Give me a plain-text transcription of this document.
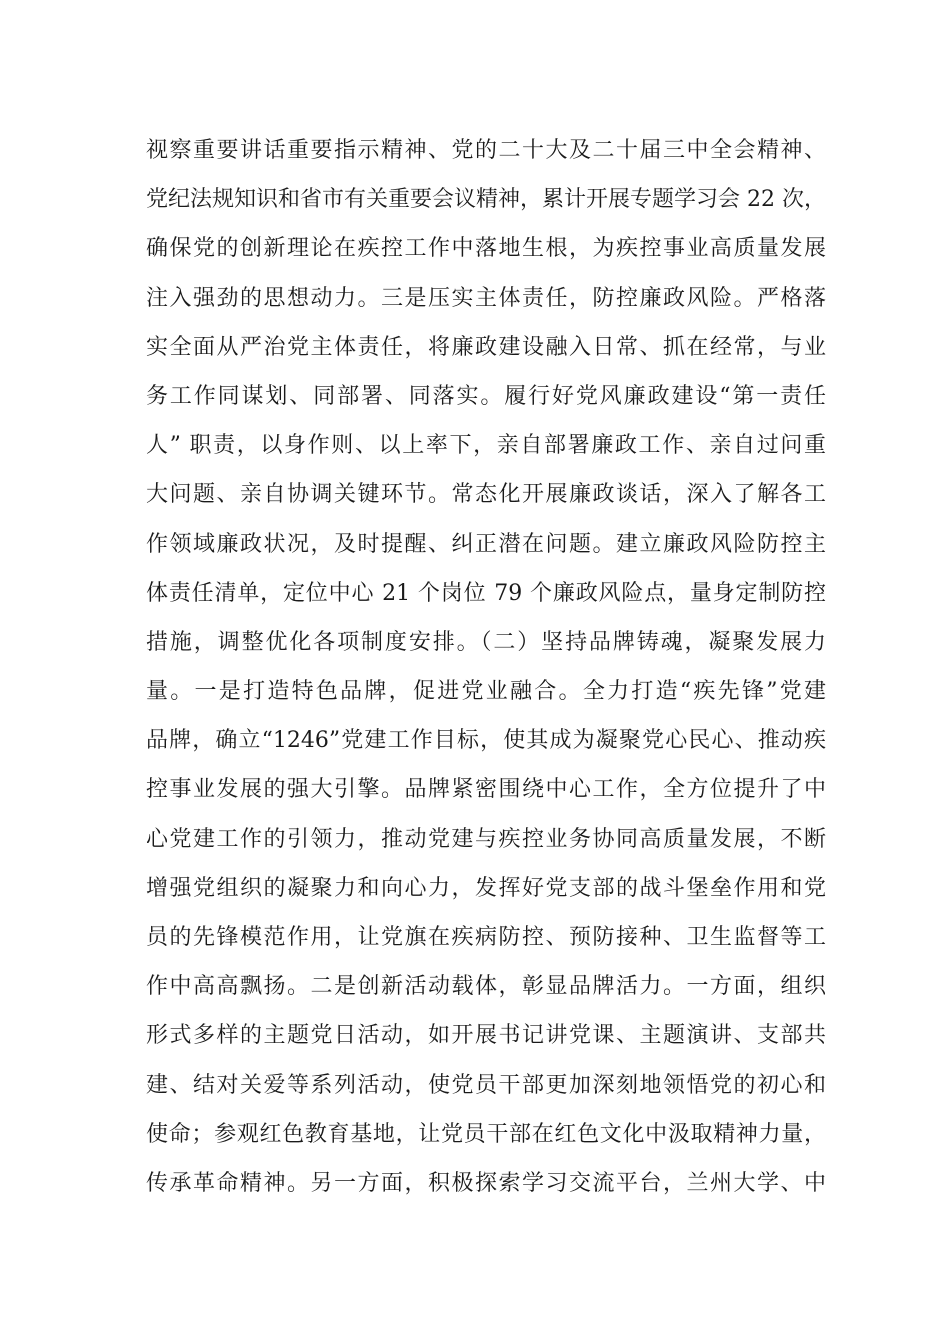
视察重要讲话重要指示精神、党的二十大及二十届三中全会精神、
党纪法规知识和省市有关重要会议精神，累计开展专题学习会 22 次，
确保党的创新理论在疾控工作中落地生根，为疾控事业高质量发展
注入强劲的思想动力。三是压实主体责任，防控廉政风险。严格落
实全面从严治党主体责任，将廉政建设融入日常、抓在经常，与业
务工作同谋划、同部署、同落实。履行好党风廉政建设“第一责任
人” 职责，以身作则、以上率下，亲自部署廉政工作、亲自过问重
大问题、亲自协调关键环节。常态化开展廉政谈话，深入了解各工
作领域廉政状况，及时提醒、纠正潜在问题。建立廉政风险防控主
体责任清单，定位中心 21 个岗位 79 个廉政风险点，量身定制防控
措施，调整优化各项制度安排。（二）坚持品牌铸魂，凝聚发展力
量。一是打造特色品牌，促进党业融合。全力打造“疾先锋”党建
品牌，确立“1246”党建工作目标，使其成为凝聚党心民心、推动疾
控事业发展的强大引擎。品牌紧密围绕中心工作，全方位提升了中
心党建工作的引领力，推动党建与疾控业务协同高质量发展，不断
增强党组织的凝聚力和向心力，发挥好党支部的战斗堡垒作用和党
员的先锋模范作用，让党旗在疾病防控、预防接种、卫生监督等工
作中高高飘扬。二是创新活动载体，彰显品牌活力。一方面，组织
形式多样的主题党日活动，如开展书记讲党课、主题演讲、支部共
建、结对关爱等系列活动，使党员干部更加深刻地领悟党的初心和
使命；参观红色教育基地，让党员干部在红色文化中汲取精神力量，
传承革命精神。另一方面，积极探索学习交流平台，兰州大学、中
